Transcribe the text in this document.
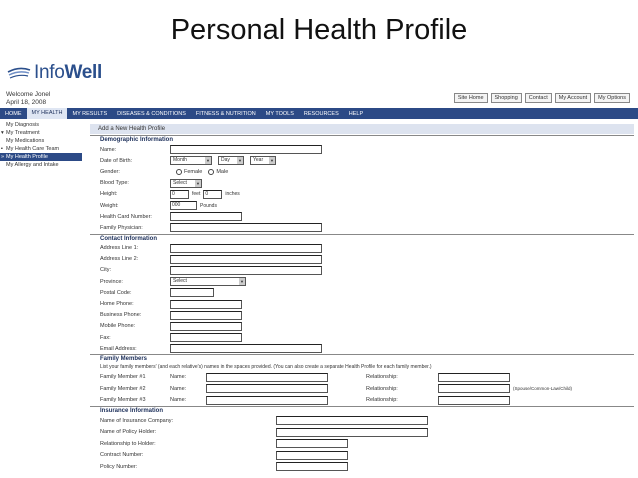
Personal Health Profile
InfoWell
Welcome Jonel
April 18, 2008
Site Home	Shopping	Contact	My Account	My Options
HOME	MY HEALTH	MY RESULTS	DISEASES & CONDITIONS	FITNESS & NUTRITION	MY TOOLS	RESOURCES	HELP
My Diagnosis
▾ My Treatment
My Medications
▪ My Health Care Team
» My Health Profile
My Allergy and Intake
Add a New Health Profile
Demographic Information
Name:
Date of Birth:	Month	▼	Day ▼	Year ▼
Gender:	Female	Male
Blood Type:	Select ▼
Height:	0	feet	0	inches
Weight:	000	Pounds
Health Card Number:
Family Physician:
Contact Information
Address Line 1:
Address Line 2:
City:
Province:	Select	▼
Postal Code:
Home Phone:
Business Phone:
Mobile Phone:
Fax:
Email Address:
Family Members
List your family members' (and each relative's) names in the spaces provided. (You can also create a separate Health Profile for each family member.)
Family Member #1	Name:	Relationship:
Family Member #2	Name:	Relationship:	(Spouse/Common-Law/Child)
Family Member #3	Name:	Relationship:
Insurance Information
Name of Insurance Company:
Name of Policy Holder:
Relationship to Holder:
Contract Number:
Policy Number:
